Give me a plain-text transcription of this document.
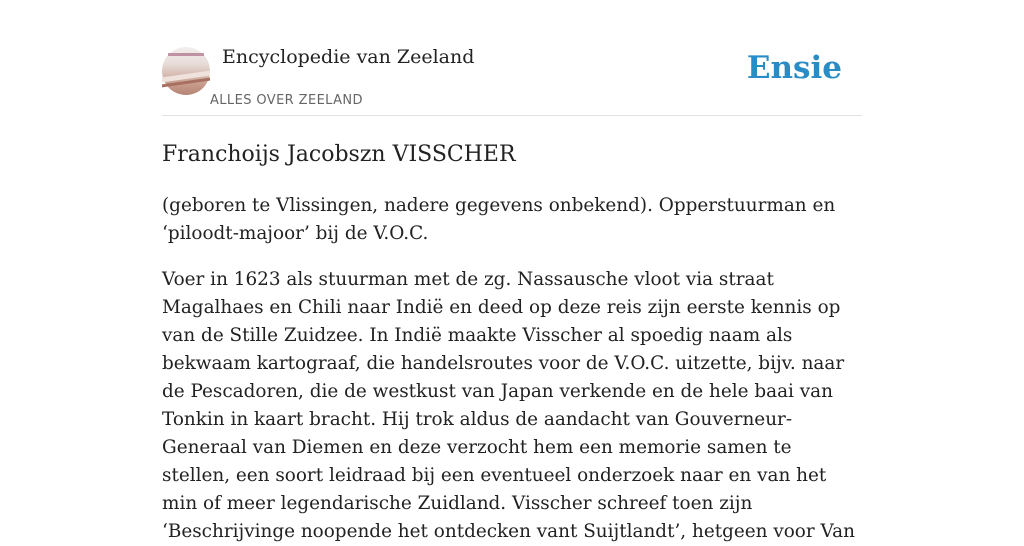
Encyclopedie van Zeeland
ALLES OVER ZEELAND
Ensie
Franchoijs Jacobszn VISSCHER

(geboren te Vlissingen, nadere gegevens onbekend). Opperstuurman en ‘piloodt-majoor’ bij de V.O.C.

Voer in 1623 als stuurman met de zg. Nassausche vloot via straat Magalhaes en Chili naar Indië en deed op deze reis zijn eerste kennis op van de Stille Zuidzee. In Indië maakte Visscher al spoedig naam als bekwaam kartograaf, die handelsroutes voor de V.O.C. uitzette, bijv. naar de Pescadoren, die de westkust van Japan verkende en de hele baai van Tonkin in kaart bracht. Hij trok aldus de aandacht van Gouverneur-Generaal van Diemen en deze verzocht hem een memorie samen te stellen, een soort leidraad bij een eventueel onderzoek naar en van het min of meer legendarische Zuidland. Visscher schreef toen zijn ‘Beschrijvinge noopende het ontdecken vant Suijtlandt’, hetgeen voor Van
